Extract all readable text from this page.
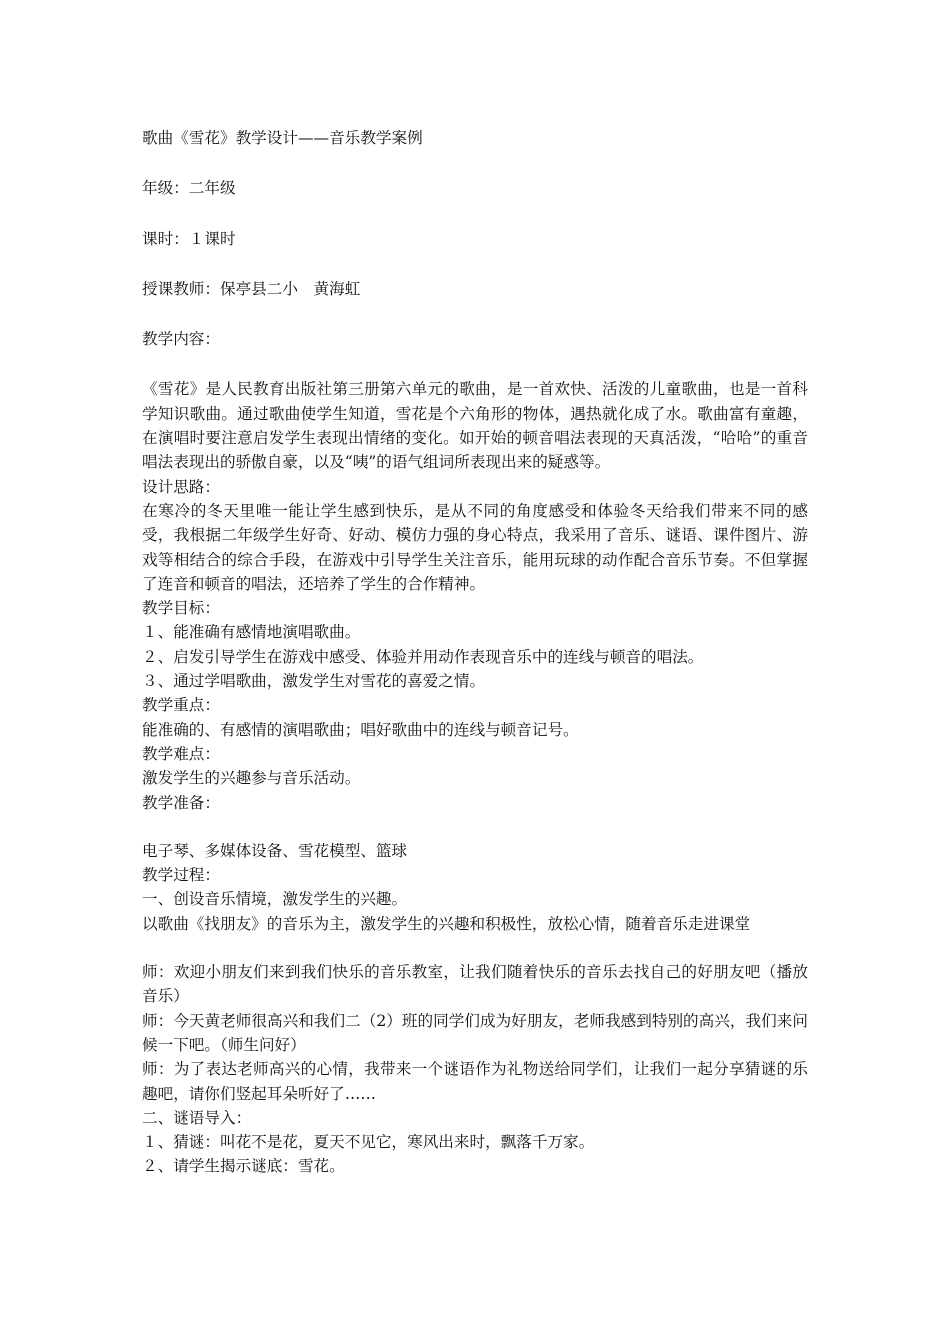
歌曲《雪花》教学设计——音乐教学案例

年级：二年级

课时：１课时

授课教师：保亭县二小　黄海虹

教学内容：

《雪花》是人民教育出版社第三册第六单元的歌曲，是一首欢快、活泼的儿童歌曲，也是一首科学知识歌曲。通过歌曲使学生知道，雪花是个六角形的物体，遇热就化成了水。歌曲富有童趣，在演唱时要注意启发学生表现出情绪的变化。如开始的顿音唱法表现的天真活泼，“哈哈”的重音唱法表现出的骄傲自豪，以及“咦”的语气组词所表现出来的疑惑等。

设计思路：

在寒冷的冬天里唯一能让学生感到快乐，是从不同的角度感受和体验冬天给我们带来不同的感受，我根据二年级学生好奇、好动、模仿力强的身心特点，我采用了音乐、谜语、课件图片、游戏等相结合的综合手段，在游戏中引导学生关注音乐，能用玩球的动作配合音乐节奏。不但掌握了连音和顿音的唱法，还培养了学生的合作精神。

教学目标：

１、能准确有感情地演唱歌曲。

２、启发引导学生在游戏中感受、体验并用动作表现音乐中的连线与顿音的唱法。

３、通过学唱歌曲，激发学生对雪花的喜爱之情。

教学重点：

能准确的、有感情的演唱歌曲；唱好歌曲中的连线与顿音记号。

教学难点：

激发学生的兴趣参与音乐活动。

教学准备：

电子琴、多媒体设备、雪花模型、篮球

教学过程：

一、创设音乐情境，激发学生的兴趣。

以歌曲《找朋友》的音乐为主，激发学生的兴趣和积极性，放松心情，随着音乐走进课堂

师：欢迎小朋友们来到我们快乐的音乐教室，让我们随着快乐的音乐去找自己的好朋友吧（播放音乐）

师：今天黄老师很高兴和我们二（2）班的同学们成为好朋友，老师我感到特别的高兴，我们来问候一下吧。（师生问好）

师：为了表达老师高兴的心情，我带来一个谜语作为礼物送给同学们，让我们一起分享猜谜的乐趣吧，请你们竖起耳朵听好了……

二、谜语导入：

１、猜谜：叫花不是花，夏天不见它，寒风出来时，飘落千万家。

２、请学生揭示谜底：雪花。
